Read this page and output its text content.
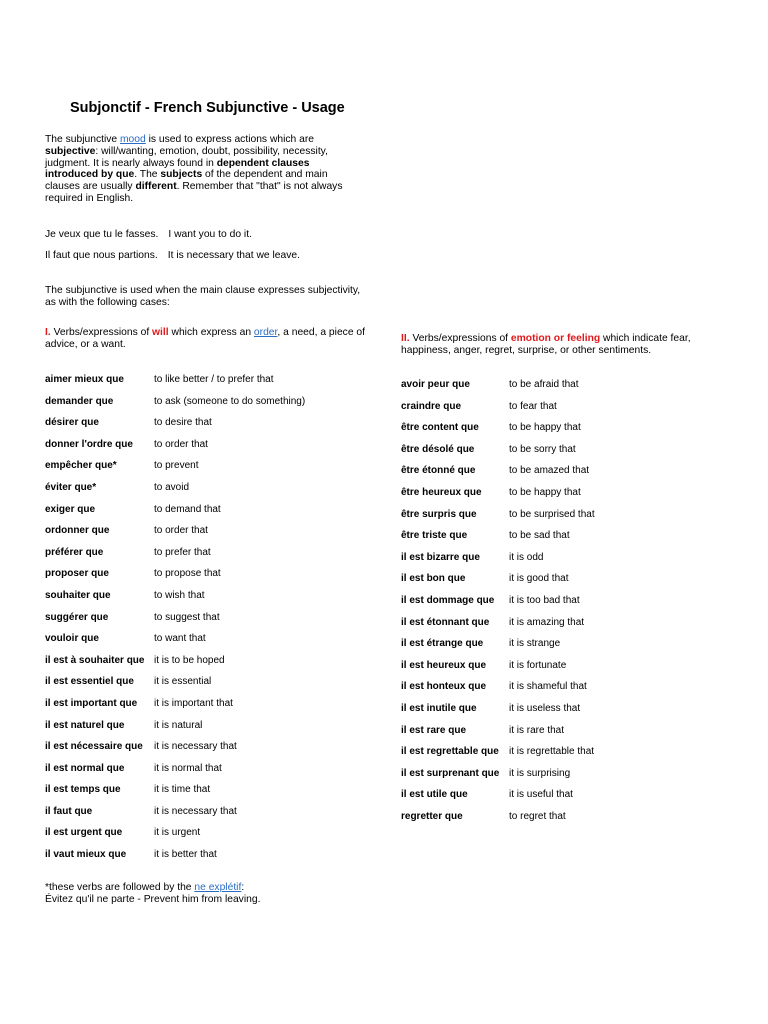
Subjonctif - French Subjunctive - Usage
The subjunctive mood is used to express actions which are subjective: will/wanting, emotion, doubt, possibility, necessity, judgment. It is nearly always found in dependent clauses introduced by que. The subjects of the dependent and main clauses are usually different. Remember that "that" is not always required in English.
Je veux que tu le fasses. I want you to do it.
Il faut que nous partions. It is necessary that we leave.
The subjunctive is used when the main clause expresses subjectivity, as with the following cases:
I. Verbs/expressions of will which express an order, a need, a piece of advice, or a want.
II. Verbs/expressions of emotion or feeling which indicate fear, happiness, anger, regret, surprise, or other sentiments.
aimer mieux que	to like better / to prefer that
demander que	to ask (someone to do something)
désirer que	to desire that
donner l'ordre que to order that
empêcher que*	to prevent
éviter que*	to avoid
exiger que	to demand that
ordonner que	to order that
préférer que	to prefer that
proposer que	to propose that
souhaiter que	to wish that
suggérer que	to suggest that
vouloir que	to want that
il est à souhaiter que it is to be hoped
il est essentiel que it is essential
il est important que it is important that
il est naturel que	it is natural
il est nécessaire que it is necessary that
il est normal que	it is normal that
il est temps que	it is time that
il faut que	it is necessary that
il est urgent que	it is urgent
il vaut mieux que	it is better that
avoir peur que	to be afraid that
craindre que	to fear that
être content que	to be happy that
être désolé que	to be sorry that
être étonné que	to be amazed that
être heureux que	to be happy that
être surpris que	to be surprised that
être triste que	to be sad that
il est bizarre que	it is odd
il est bon que	it is good that
il est dommage que it is too bad that
il est étonnant que it is amazing that
il est étrange que	it is strange
il est heureux que it is fortunate
il est honteux que it is shameful that
il est inutile que	it is useless that
il est rare que	it is rare that
il est regrettable que it is regrettable that
il est surprenant que it is surprising
il est utile que	it is useful that
regretter que	to regret that
*these verbs are followed by the ne explétif:
Évitez qu'il ne parte - Prevent him from leaving.
